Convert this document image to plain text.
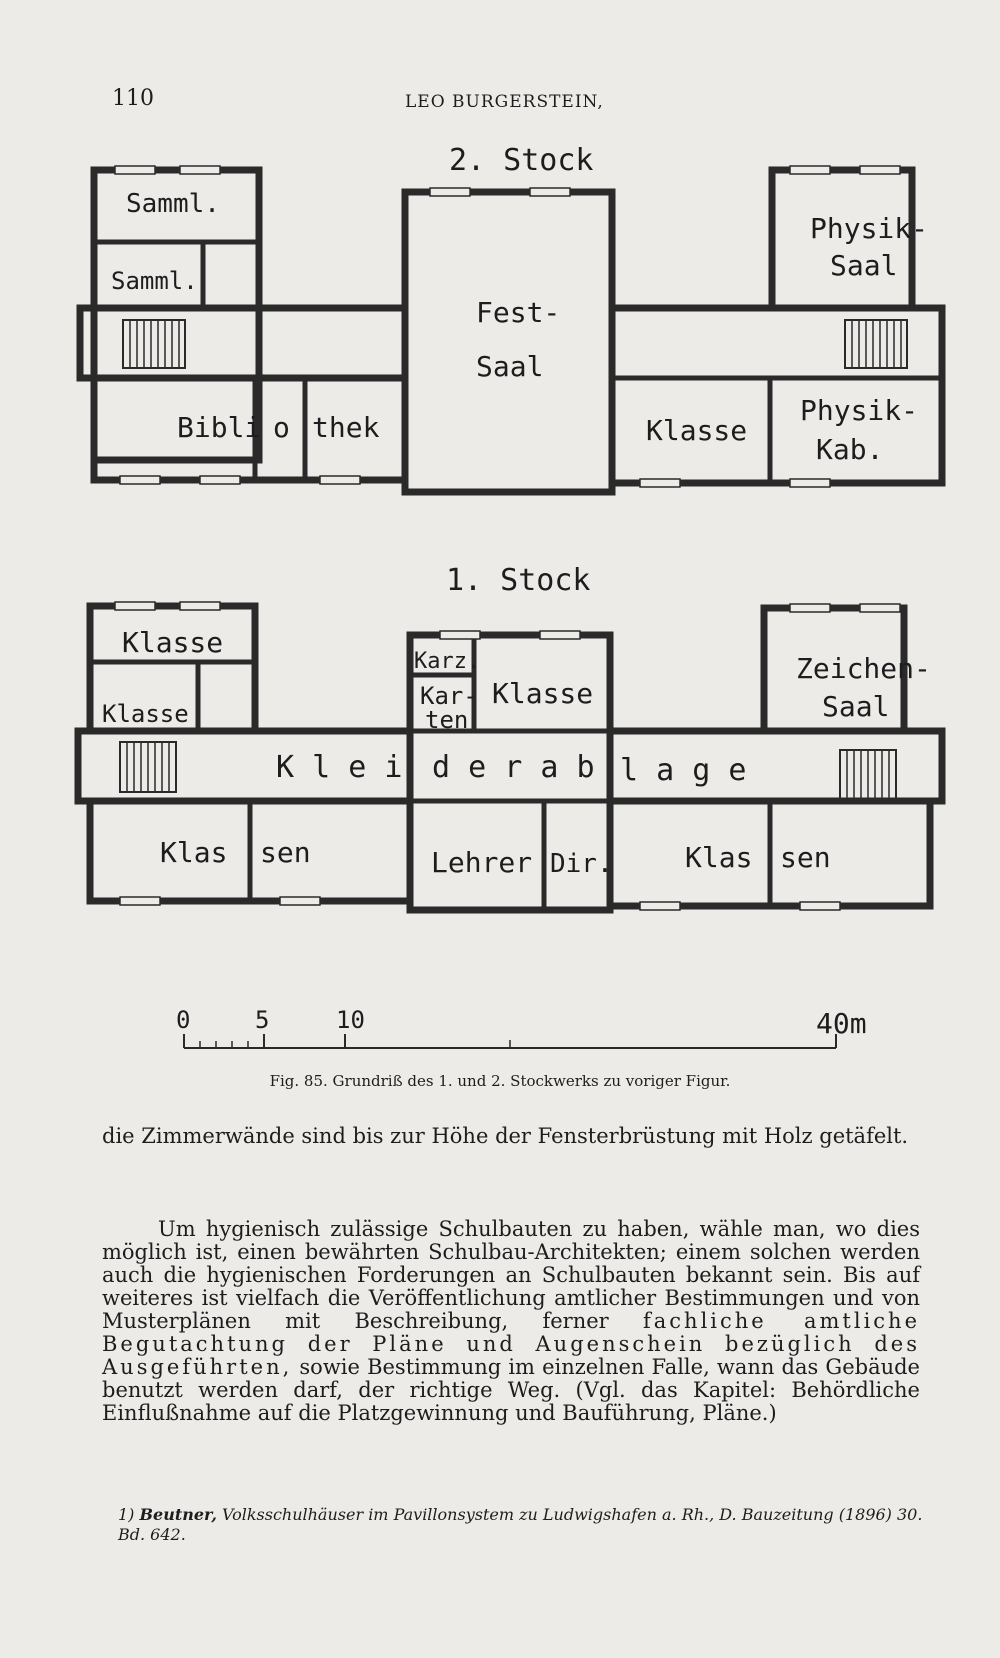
110	LEO BURGERSTEIN,
2. Stock
Samml.
Samml.
Fest-
Saal
Physik-
Saal
Bibli o thek	Klasse
Physik-
Kab.
1. Stock
Klasse
Klasse
Karz.
Kar-
ten
Klasse
Zeichen-
Saal
K l e i d e r a b l a g e
Klas sen	Lehrer Dir.	Klas sen
0	5	10	40m
Fig. 85. Grundriß des 1. und 2. Stockwerks zu voriger Figur.
die Zimmerwände sind bis zur Höhe der Fensterbrüstung mit Holz getäfelt.
Um hygienisch zulässige Schulbauten zu haben, wähle man, wo dies möglich ist, einen bewährten Schulbau-Architekten; einem solchen werden auch die hygienischen Forderungen an Schulbauten bekannt sein. Bis auf weiteres ist vielfach die Veröffentlichung amtlicher Bestimmungen und von Musterplänen mit Beschreibung, ferner fachliche amtliche Begutachtung der Pläne und Augenschein bezüglich des Ausgeführten, sowie Bestimmung im einzelnen Falle, wann das Gebäude benutzt werden darf, der richtige Weg. (Vgl. das Kapitel: Behördliche Einflußnahme auf die Platzgewinnung und Bauführung, Pläne.)
1) Beutner, Volksschulhäuser im Pavillonsystem zu Ludwigshafen a. Rh., D. Bauzeitung (1896) 30. Bd. 642.
